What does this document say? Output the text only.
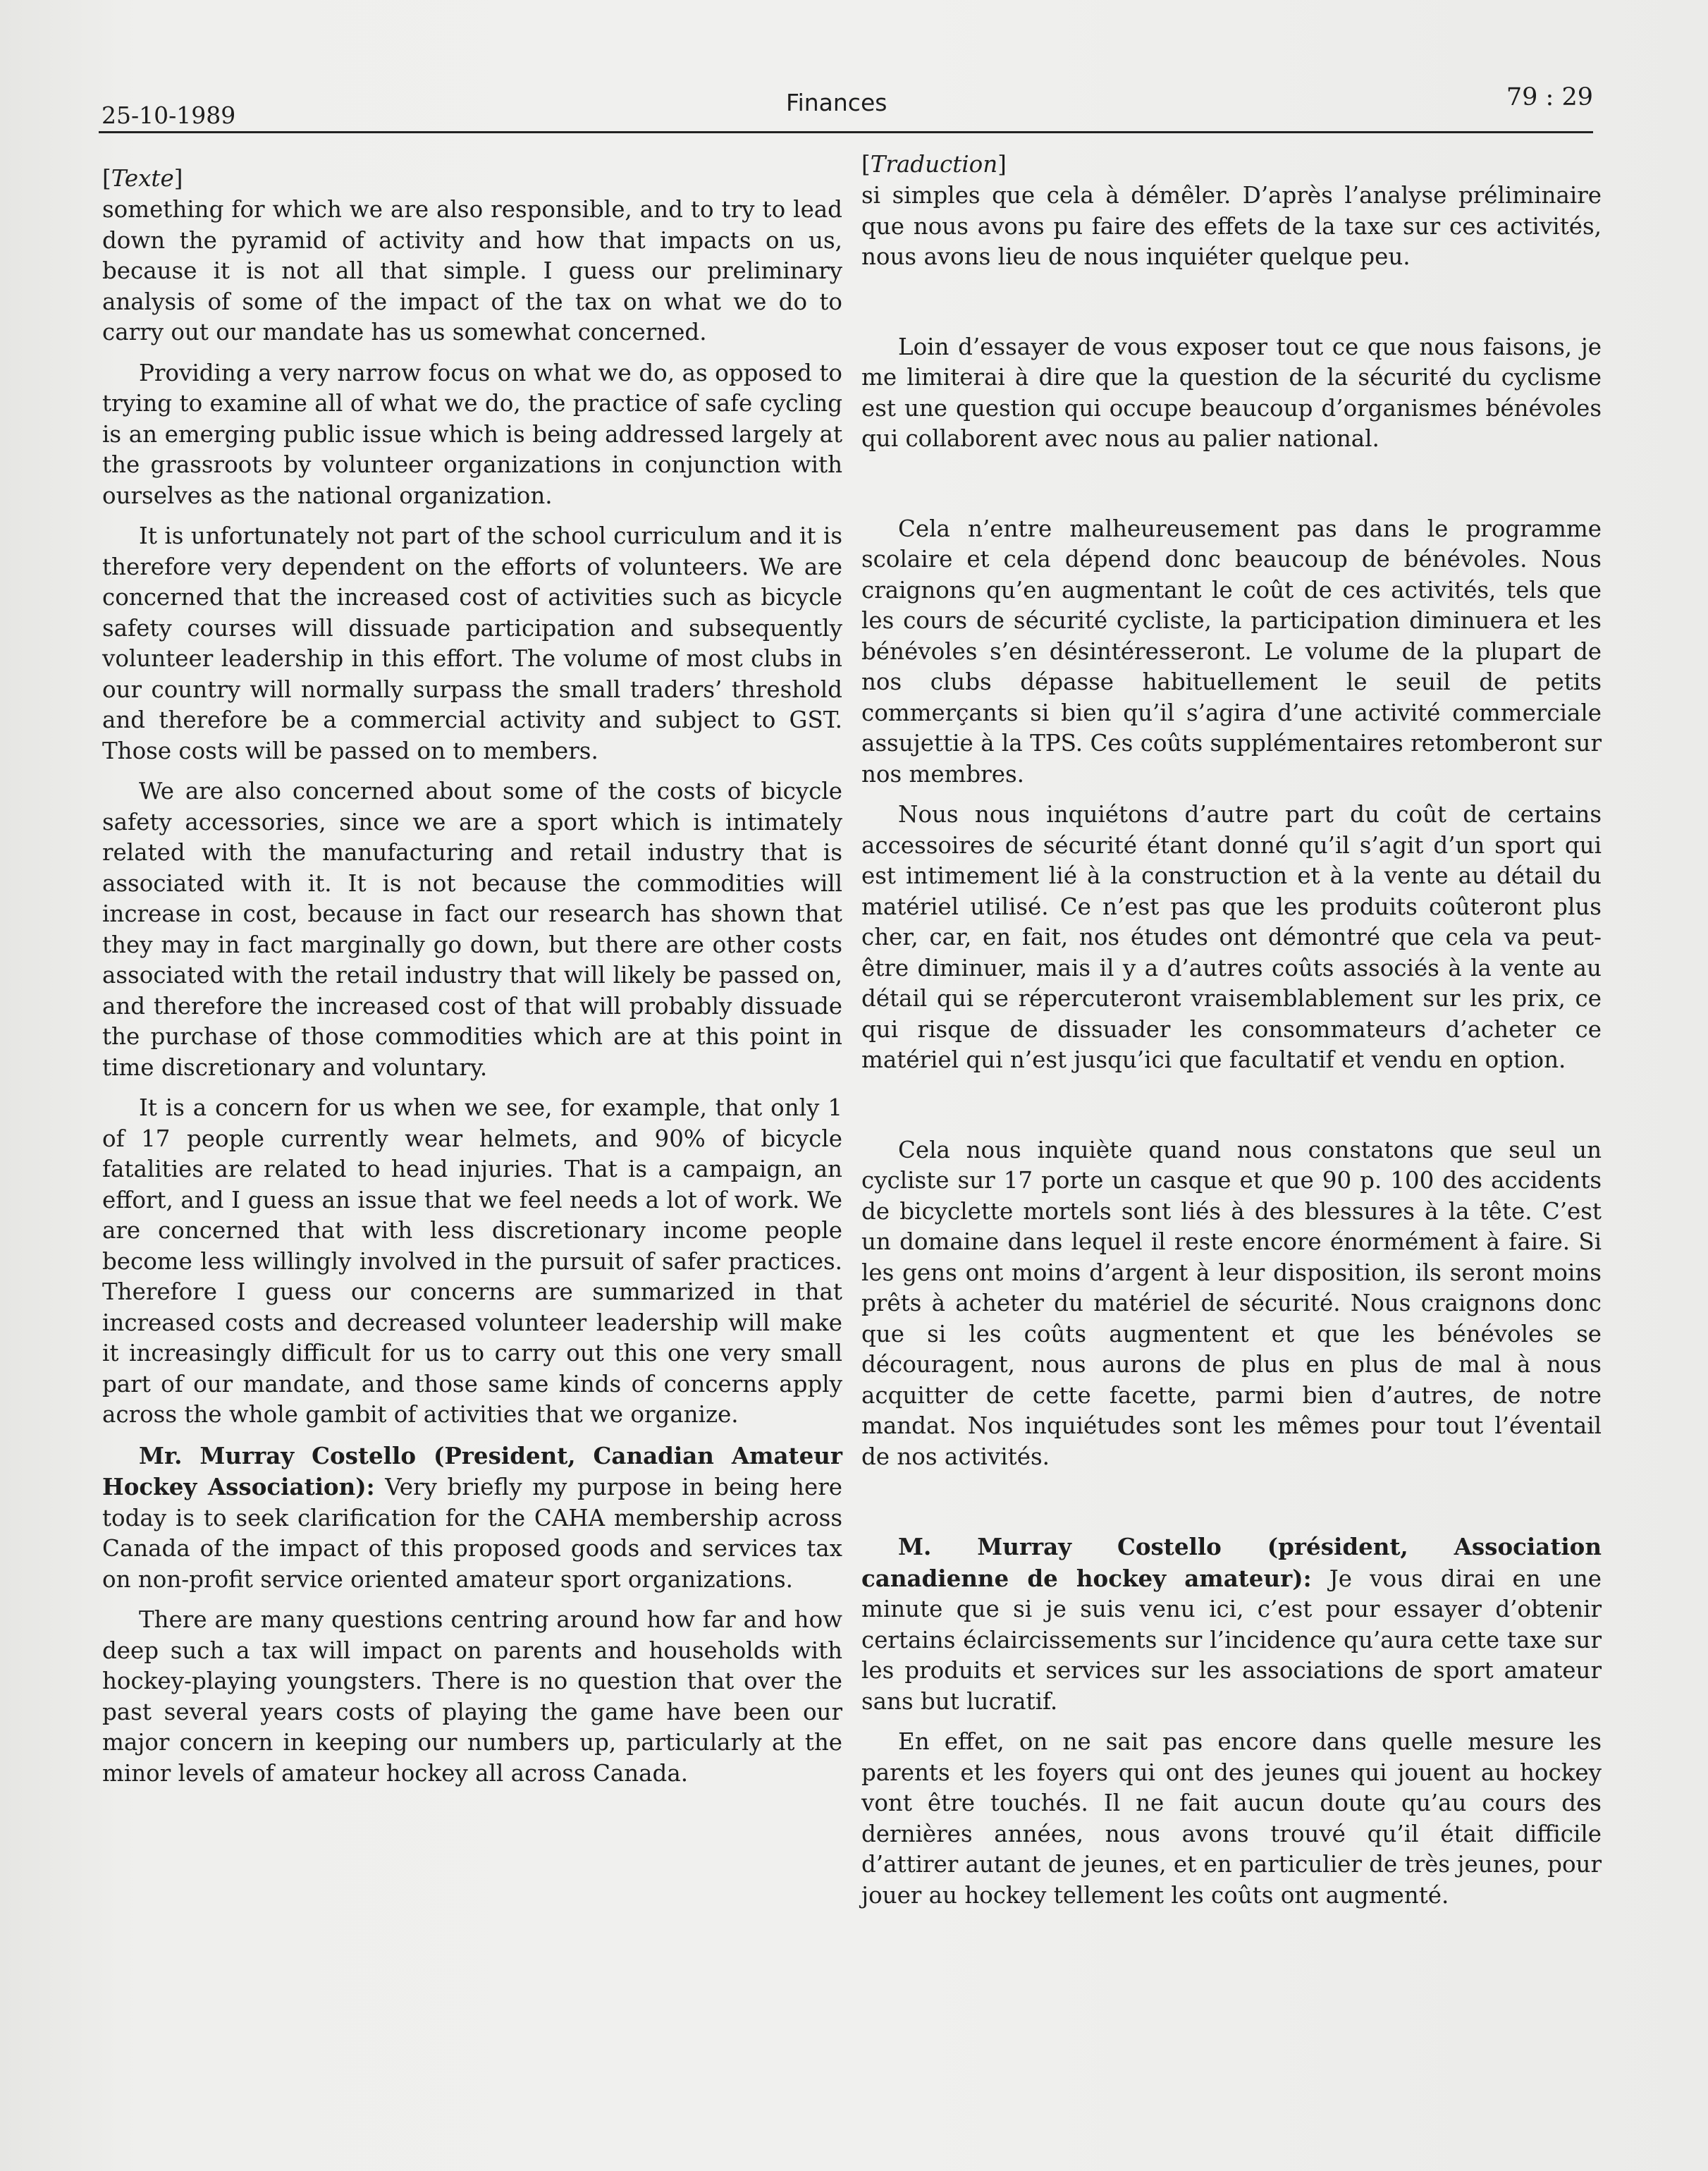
25-10-1989	Finances	79 : 29

[Texte]

something for which we are also responsible, and to try to lead down the pyramid of activity and how that impacts on us, because it is not all that simple. I guess our preliminary analysis of some of the impact of the tax on what we do to carry out our mandate has us somewhat concerned.

Providing a very narrow focus on what we do, as opposed to trying to examine all of what we do, the practice of safe cycling is an emerging public issue which is being addressed largely at the grassroots by volunteer organizations in conjunction with ourselves as the national organization.

It is unfortunately not part of the school curriculum and it is therefore very dependent on the efforts of volunteers. We are concerned that the increased cost of activities such as bicycle safety courses will dissuade participation and subsequently volunteer leadership in this effort. The volume of most clubs in our country will normally surpass the small traders’ threshold and therefore be a commercial activity and subject to GST. Those costs will be passed on to members.

We are also concerned about some of the costs of bicycle safety accessories, since we are a sport which is intimately related with the manufacturing and retail industry that is associated with it. It is not because the commodities will increase in cost, because in fact our research has shown that they may in fact marginally go down, but there are other costs associated with the retail industry that will likely be passed on, and therefore the increased cost of that will probably dissuade the purchase of those commodities which are at this point in time discretionary and voluntary.

It is a concern for us when we see, for example, that only 1 of 17 people currently wear helmets, and 90% of bicycle fatalities are related to head injuries. That is a campaign, an effort, and I guess an issue that we feel needs a lot of work. We are concerned that with less discretionary income people become less willingly involved in the pursuit of safer practices. Therefore I guess our concerns are summarized in that increased costs and decreased volunteer leadership will make it increasingly difficult for us to carry out this one very small part of our mandate, and those same kinds of concerns apply across the whole gambit of activities that we organize.

Mr. Murray Costello (President, Canadian Amateur Hockey Association): Very briefly my purpose in being here today is to seek clarification for the CAHA membership across Canada of the impact of this proposed goods and services tax on non-profit service oriented amateur sport organizations.

There are many questions centring around how far and how deep such a tax will impact on parents and households with hockey-playing youngsters. There is no question that over the past several years costs of playing the game have been our major concern in keeping our numbers up, particularly at the minor levels of amateur hockey all across Canada.

[Traduction]

si simples que cela à démêler. D’après l’analyse préliminaire que nous avons pu faire des effets de la taxe sur ces activités, nous avons lieu de nous inquiéter quelque peu.

Loin d’essayer de vous exposer tout ce que nous faisons, je me limiterai à dire que la question de la sécurité du cyclisme est une question qui occupe beaucoup d’organismes bénévoles qui collaborent avec nous au palier national.

Cela n’entre malheureusement pas dans le programme scolaire et cela dépend donc beaucoup de bénévoles. Nous craignons qu’en augmentant le coût de ces activités, tels que les cours de sécurité cycliste, la participation diminuera et les bénévoles s’en désintéresseront. Le volume de la plupart de nos clubs dépasse habituellement le seuil de petits commerçants si bien qu’il s’agira d’une activité commerciale assujettie à la TPS. Ces coûts supplémentaires retomberont sur nos membres.

Nous nous inquiétons d’autre part du coût de certains accessoires de sécurité étant donné qu’il s’agit d’un sport qui est intimement lié à la construction et à la vente au détail du matériel utilisé. Ce n’est pas que les produits coûteront plus cher, car, en fait, nos études ont démontré que cela va peut-être diminuer, mais il y a d’autres coûts associés à la vente au détail qui se répercuteront vraisemblablement sur les prix, ce qui risque de dissuader les consommateurs d’acheter ce matériel qui n’est jusqu’ici que facultatif et vendu en option.

Cela nous inquiète quand nous constatons que seul un cycliste sur 17 porte un casque et que 90 p. 100 des accidents de bicyclette mortels sont liés à des blessures à la tête. C’est un domaine dans lequel il reste encore énormément à faire. Si les gens ont moins d’argent à leur disposition, ils seront moins prêts à acheter du matériel de sécurité. Nous craignons donc que si les coûts augmentent et que les bénévoles se découragent, nous aurons de plus en plus de mal à nous acquitter de cette facette, parmi bien d’autres, de notre mandat. Nos inquiétudes sont les mêmes pour tout l’éventail de nos activités.

M. Murray Costello (président, Association canadienne de hockey amateur): Je vous dirai en une minute que si je suis venu ici, c’est pour essayer d’obtenir certains éclaircissements sur l’incidence qu’aura cette taxe sur les produits et services sur les associations de sport amateur sans but lucratif.

En effet, on ne sait pas encore dans quelle mesure les parents et les foyers qui ont des jeunes qui jouent au hockey vont être touchés. Il ne fait aucun doute qu’au cours des dernières années, nous avons trouvé qu’il était difficile d’attirer autant de jeunes, et en particulier de très jeunes, pour jouer au hockey tellement les coûts ont augmenté.
